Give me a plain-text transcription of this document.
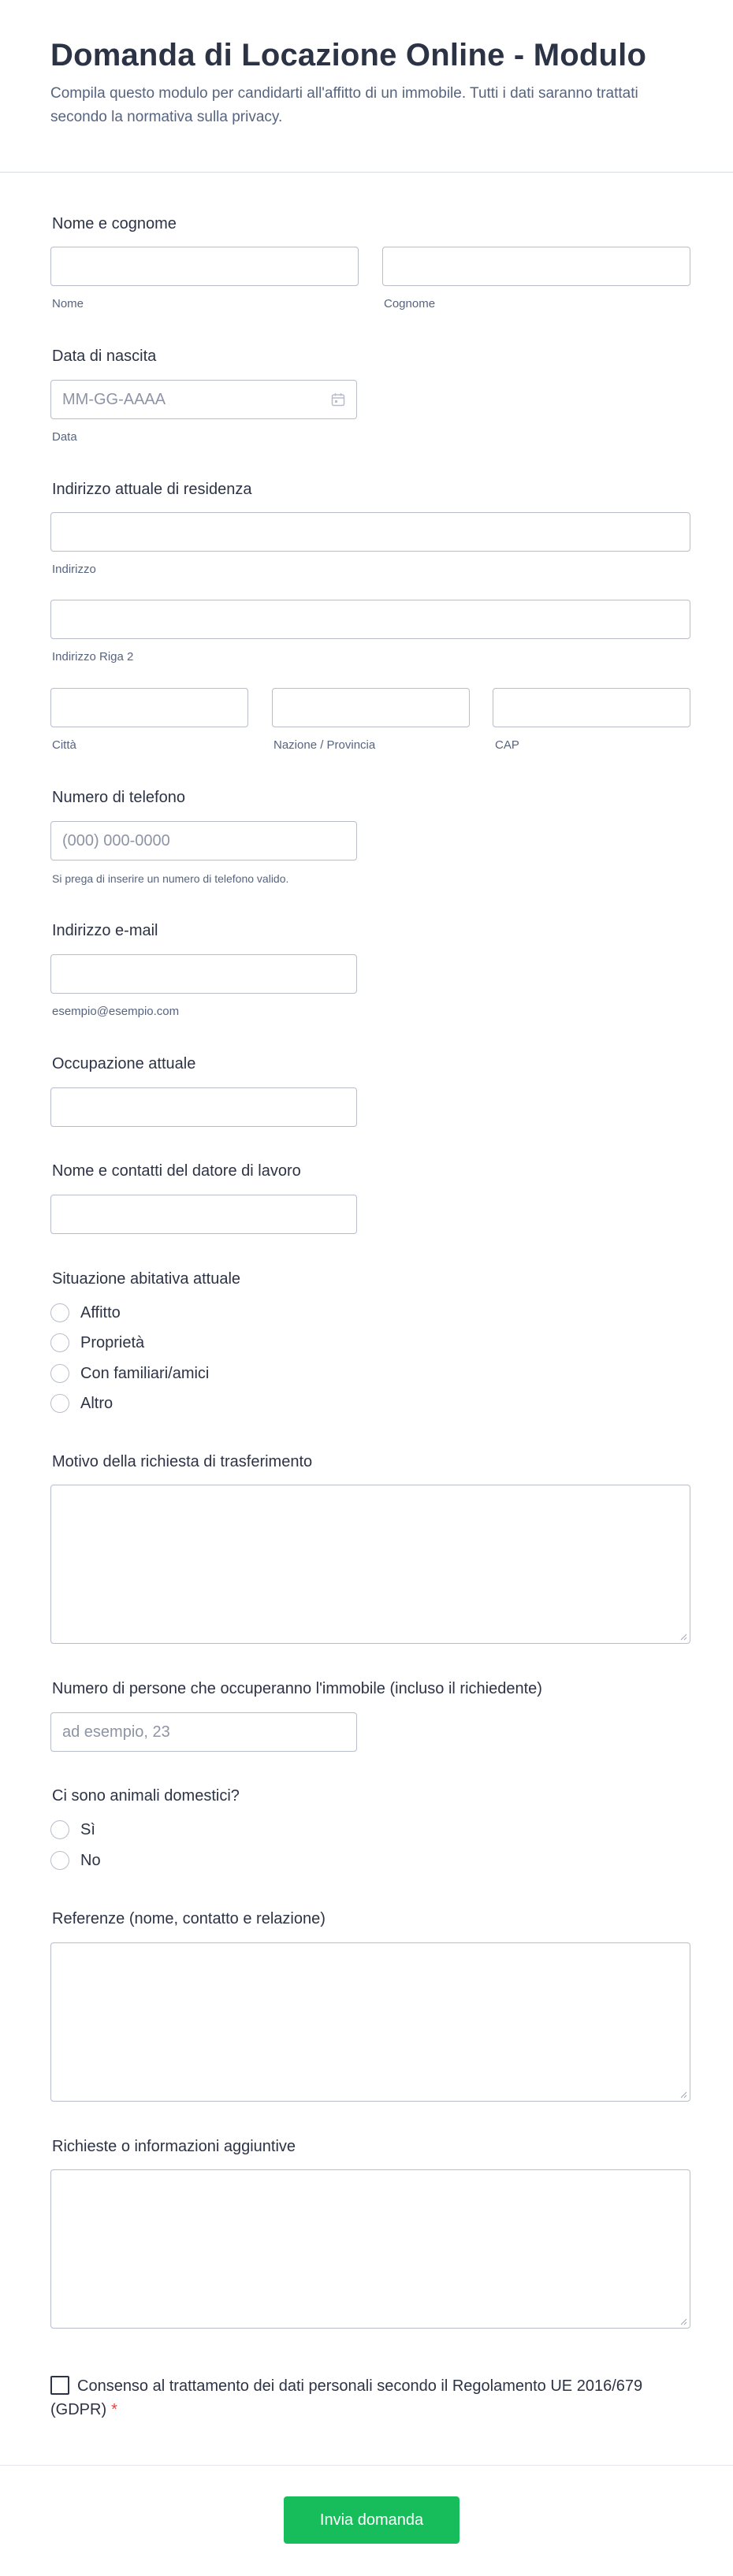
Domanda di Locazione Online - Modulo

Compila questo modulo per candidarti all'affitto di un immobile. Tutti i dati saranno trattati secondo la normativa sulla privacy.

Nome e cognome
Nome	Cognome
Data di nascita
MM-GG-AAAA
Data
Indirizzo attuale di residenza
Indirizzo
Indirizzo Riga 2
Città	Nazione / Provincia	CAP
Numero di telefono
(000) 000-0000
Si prega di inserire un numero di telefono valido.
Indirizzo e-mail
esempio@esempio.com
Occupazione attuale
Nome e contatti del datore di lavoro
Situazione abitativa attuale
Affitto
Proprietà
Con familiari/amici
Altro
Motivo della richiesta di trasferimento
Numero di persone che occuperanno l'immobile (incluso il richiedente)
ad esempio, 23
Ci sono animali domestici?
Sì
No
Referenze (nome, contatto e relazione)
Richieste o informazioni aggiuntive
Consenso al trattamento dei dati personali secondo il Regolamento UE 2016/679 (GDPR) *
Invia domanda
